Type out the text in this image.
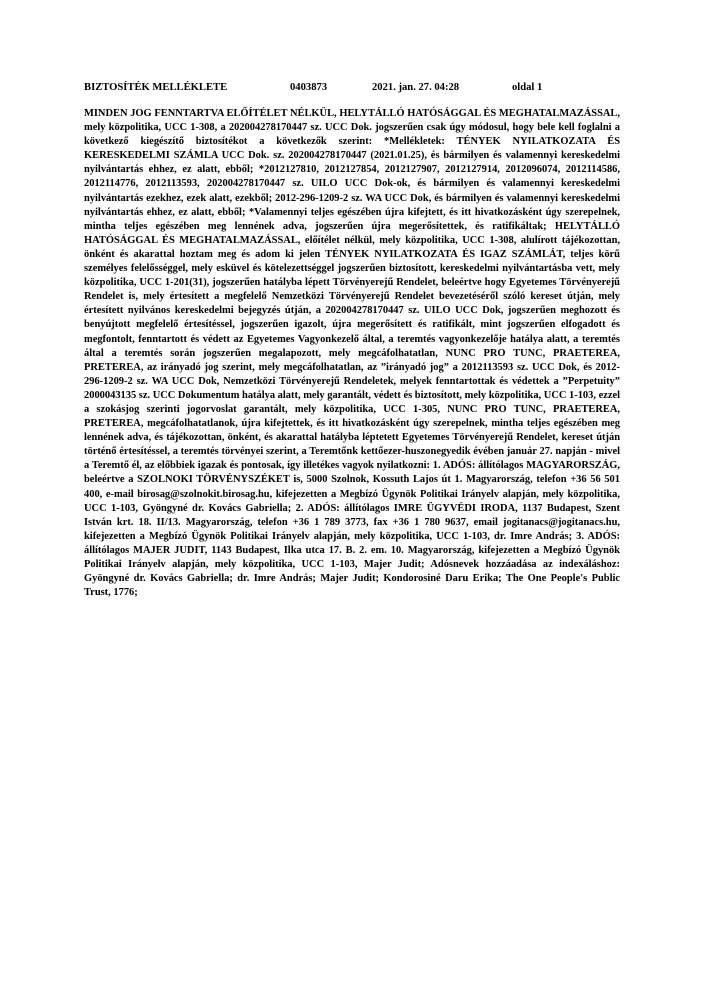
BIZTOSÍTÉK MELLÉKLETE	0403873	2021. jan. 27. 04:28	oldal 1

MINDEN JOG FENNTARTVA ELŐÍTÉLET NÉLKÜL, HELYTÁLLÓ HATÓSÁGGAL ÉS MEGHATALMAZÁSSAL, mely közpolitika, UCC 1-308, a 202004278170447 sz. UCC Dok. jogszerűen csak úgy módosul, hogy bele kell foglalni a következő kiegészítő biztosítékot a következők szerint: *Mellékletek: TÉNYEK NYILATKOZATA ÉS KERESKEDELMI SZÁMLA UCC Dok. sz. 202004278170447 (2021.01.25), és bármilyen és valamennyi kereskedelmi nyilvántartás ehhez, ez alatt, ebből; *2012127810, 2012127854, 2012127907, 2012127914, 2012096074, 2012114586, 2012114776, 2012113593, 202004278170447 sz. UILO UCC Dok-ok, és bármilyen és valamennyi kereskedelmi nyilvántartás ezekhez, ezek alatt, ezekből; 2012-296-1209-2 sz. WA UCC Dok, és bármilyen és valamennyi kereskedelmi nyilvántartás ehhez, ez alatt, ebből; *Valamennyi teljes egészében újra kifejtett, és itt hivatkozásként úgy szerepelnek, mintha teljes egészében meg lennének adva, jogszerűen újra megerősítettek, és ratifikáltak; HELYTÁLLÓ HATÓSÁGGAL ÉS MEGHATALMAZÁSSAL, előítélet nélkül, mely közpolitika, UCC 1-308, alulírott tájékozottan, önként és akarattal hoztam meg és adom ki jelen TÉNYEK NYILATKOZATA ÉS IGAZ SZÁMLÁT, teljes körű személyes felelősséggel, mely esküvel és kötelezettséggel jogszerűen biztosított, kereskedelmi nyilvántartásba vett, mely közpolitika, UCC 1-201(31), jogszerűen hatályba lépett Törvényerejű Rendelet, beleértve hogy Egyetemes Törvényerejű Rendelet is, mely értesített a megfelelő Nemzetközi Törvényerejű Rendelet bevezetéséről szóló kereset útján, mely értesített nyilvános kereskedelmi bejegyzés útján, a 202004278170447 sz. UILO UCC Dok, jogszerűen meghozott és benyújtott megfelelő értesítéssel, jogszerűen igazolt, újra megerősített és ratifikált, mint jogszerűen elfogadott és megfontolt, fenntartott és védett az Egyetemes Vagyonkezelő által, a teremtés vagyonkezelője hatálya alatt, a teremtés által a teremtés során jogszerűen megalapozott, mely megcáfolhatatlan, NUNC PRO TUNC, PRAETEREA, PRETEREA, az irányadó jog szerint, mely megcáfolhatatlan, az ”irányadó jog” a 2012113593 sz. UCC Dok, és 2012-296-1209-2 sz. WA UCC Dok, Nemzetközi Törvényerejű Rendeletek, melyek fenntartottak és védettek a ”Perpetuity” 2000043135 sz. UCC Dokumentum hatálya alatt, mely garantált, védett és biztosított, mely közpolitika, UCC 1-103, ezzel a szokásjog szerinti jogorvoslat garantált, mely közpolitika, UCC 1-305, NUNC PRO TUNC, PRAETEREA, PRETEREA, megcáfolhatatlanok, újra kifejtettek, és itt hivatkozásként úgy szerepelnek, mintha teljes egészében meg lennének adva, és tájékozottan, önként, és akarattal hatályba léptetett Egyetemes Törvényerejű Rendelet, kereset útján történő értesítéssel, a teremtés törvényei szerint, a Teremtőnk kettőezer-huszonegyedik évében január 27. napján - mivel a Teremtő él, az előbbiek igazak és pontosak, így illetékes vagyok nyilatkozni: 1. ADÓS: állítólagos MAGYARORSZÁG, beleértve a SZOLNOKI TÖRVÉNYSZÉKET is, 5000 Szolnok, Kossuth Lajos út 1. Magyarország, telefon +36 56 501 400, e-mail birosag@szolnokit.birosag.hu, kifejezetten a Megbízó Ügynök Politikai Irányelv alapján, mely közpolitika, UCC 1-103, Gyöngyné dr. Kovács Gabriella; 2. ADÓS: állítólagos IMRE ÜGYVÉDI IRODA, 1137 Budapest, Szent István krt. 18. II/13. Magyarország, telefon +36 1 789 3773, fax +36 1 780 9637, email jogitanacs@jogitanacs.hu, kifejezetten a Megbízó Ügynök Politikai Irányelv alapján, mely közpolitika, UCC 1-103, dr. Imre András; 3. ADÓS: állítólagos MAJER JUDIT, 1143 Budapest, Ilka utca 17. B. 2. em. 10. Magyarország, kifejezetten a Megbízó Ügynök Politikai Irányelv alapján, mely közpolitika, UCC 1-103, Majer Judit; Adósnevek hozzáadása az indexáláshoz: Gyöngyné dr. Kovács Gabriella; dr. Imre András; Majer Judit; Kondorosiné Daru Erika; The One People's Public Trust, 1776;
